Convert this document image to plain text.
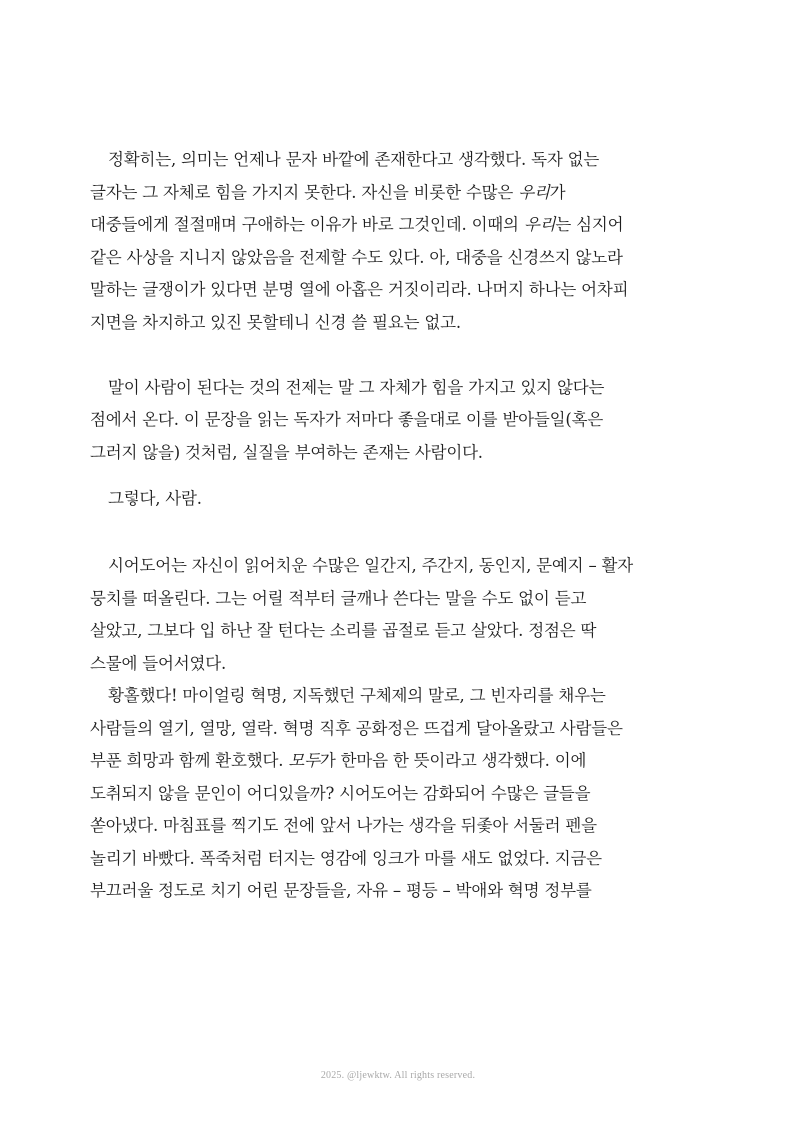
정확히는, 의미는 언제나 문자 바깥에 존재한다고 생각했다. 독자 없는
글자는 그 자체로 힘을 가지지 못한다. 자신을 비롯한 수많은 우리가
대중들에게 절절매며 구애하는 이유가 바로 그것인데. 이때의 우리는 심지어
같은 사상을 지니지 않았음을 전제할 수도 있다. 아, 대중을 신경쓰지 않노라
말하는 글쟁이가 있다면 분명 열에 아홉은 거짓이리라. 나머지 하나는 어차피
지면을 차지하고 있진 못할테니 신경 쓸 필요는 없고.
말이 사람이 된다는 것의 전제는 말 그 자체가 힘을 가지고 있지 않다는
점에서 온다. 이 문장을 읽는 독자가 저마다 좋을대로 이를 받아들일(혹은
그러지 않을) 것처럼, 실질을 부여하는 존재는 사람이다.
그렇다, 사람.
시어도어는 자신이 읽어치운 수많은 일간지, 주간지, 동인지, 문예지 – 활자
뭉치를 떠올린다. 그는 어릴 적부터 글깨나 쓴다는 말을 수도 없이 듣고
살았고, 그보다 입 하난 잘 턴다는 소리를 곱절로 듣고 살았다. 정점은 딱
스물에 들어서였다.
황홀했다! 마이얼링 혁명, 지독했던 구체제의 말로, 그 빈자리를 채우는
사람들의 열기, 열망, 열락. 혁명 직후 공화정은 뜨겁게 달아올랐고 사람들은
부푼 희망과 함께 환호했다. 모두가 한마음 한 뜻이라고 생각했다. 이에
도취되지 않을 문인이 어디있을까? 시어도어는 감화되어 수많은 글들을
쏟아냈다. 마침표를 찍기도 전에 앞서 나가는 생각을 뒤좇아 서둘러 펜을
놀리기 바빴다. 폭죽처럼 터지는 영감에 잉크가 마를 새도 없었다. 지금은
부끄러울 정도로 치기 어린 문장들을, 자유 – 평등 – 박애와 혁명 정부를
2025. @ljewktw. All rights reserved.
